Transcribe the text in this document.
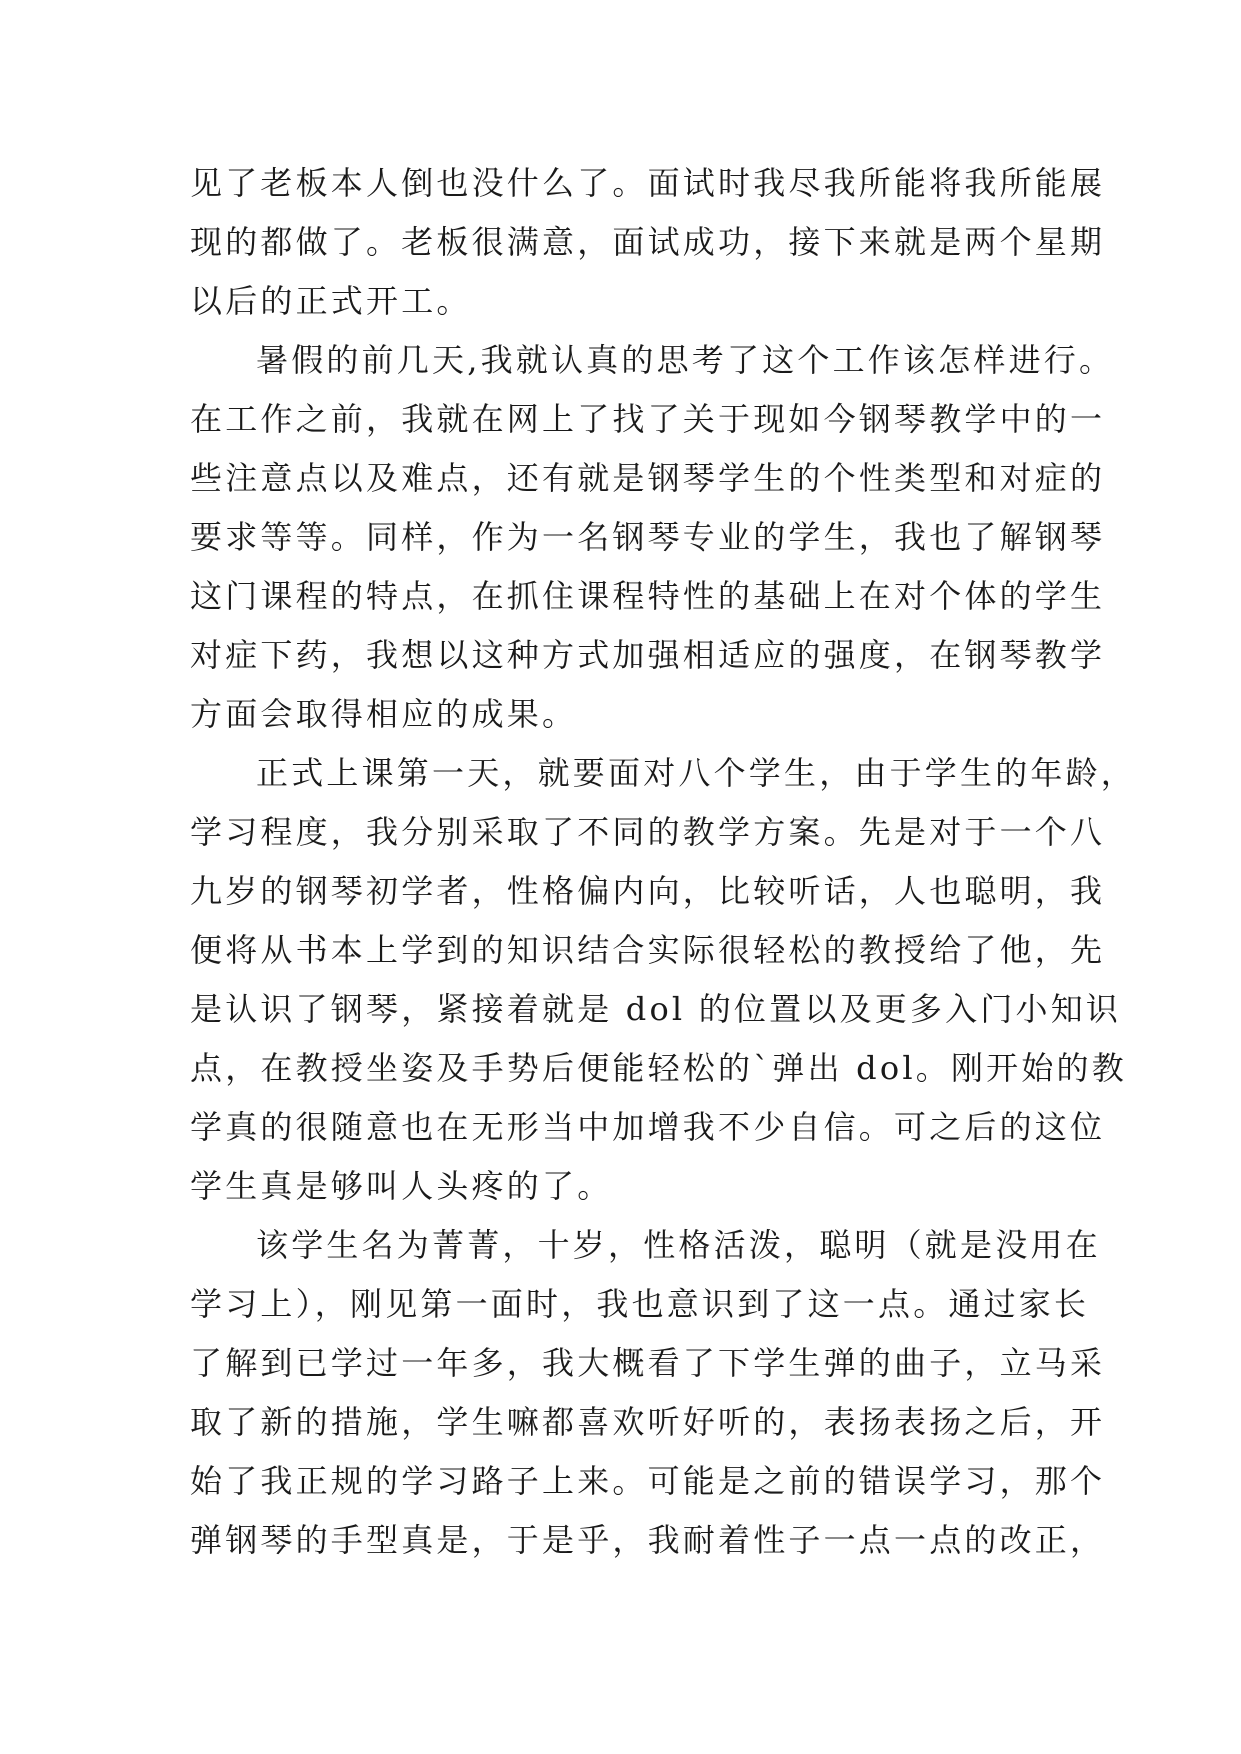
见了老板本人倒也没什么了。面试时我尽我所能将我所能展
现的都做了。老板很满意，面试成功，接下来就是两个星期
以后的正式开工。
暑假的前几天,我就认真的思考了这个工作该怎样进行。
在工作之前，我就在网上了找了关于现如今钢琴教学中的一
些注意点以及难点，还有就是钢琴学生的个性类型和对症的
要求等等。同样，作为一名钢琴专业的学生，我也了解钢琴
这门课程的特点，在抓住课程特性的基础上在对个体的学生
对症下药，我想以这种方式加强相适应的强度，在钢琴教学
方面会取得相应的成果。
正式上课第一天，就要面对八个学生，由于学生的年龄，
学习程度，我分别采取了不同的教学方案。先是对于一个八
九岁的钢琴初学者，性格偏内向，比较听话，人也聪明，我
便将从书本上学到的知识结合实际很轻松的教授给了他，先
是认识了钢琴，紧接着就是 dol 的位置以及更多入门小知识
点，在教授坐姿及手势后便能轻松的`弹出 dol。刚开始的教
学真的很随意也在无形当中加增我不少自信。可之后的这位
学生真是够叫人头疼的了。
该学生名为菁菁，十岁，性格活泼，聪明（就是没用在
学习上），刚见第一面时，我也意识到了这一点。通过家长
了解到已学过一年多，我大概看了下学生弹的曲子，立马采
取了新的措施，学生嘛都喜欢听好听的，表扬表扬之后，开
始了我正规的学习路子上来。可能是之前的错误学习，那个
弹钢琴的手型真是，于是乎，我耐着性子一点一点的改正，
